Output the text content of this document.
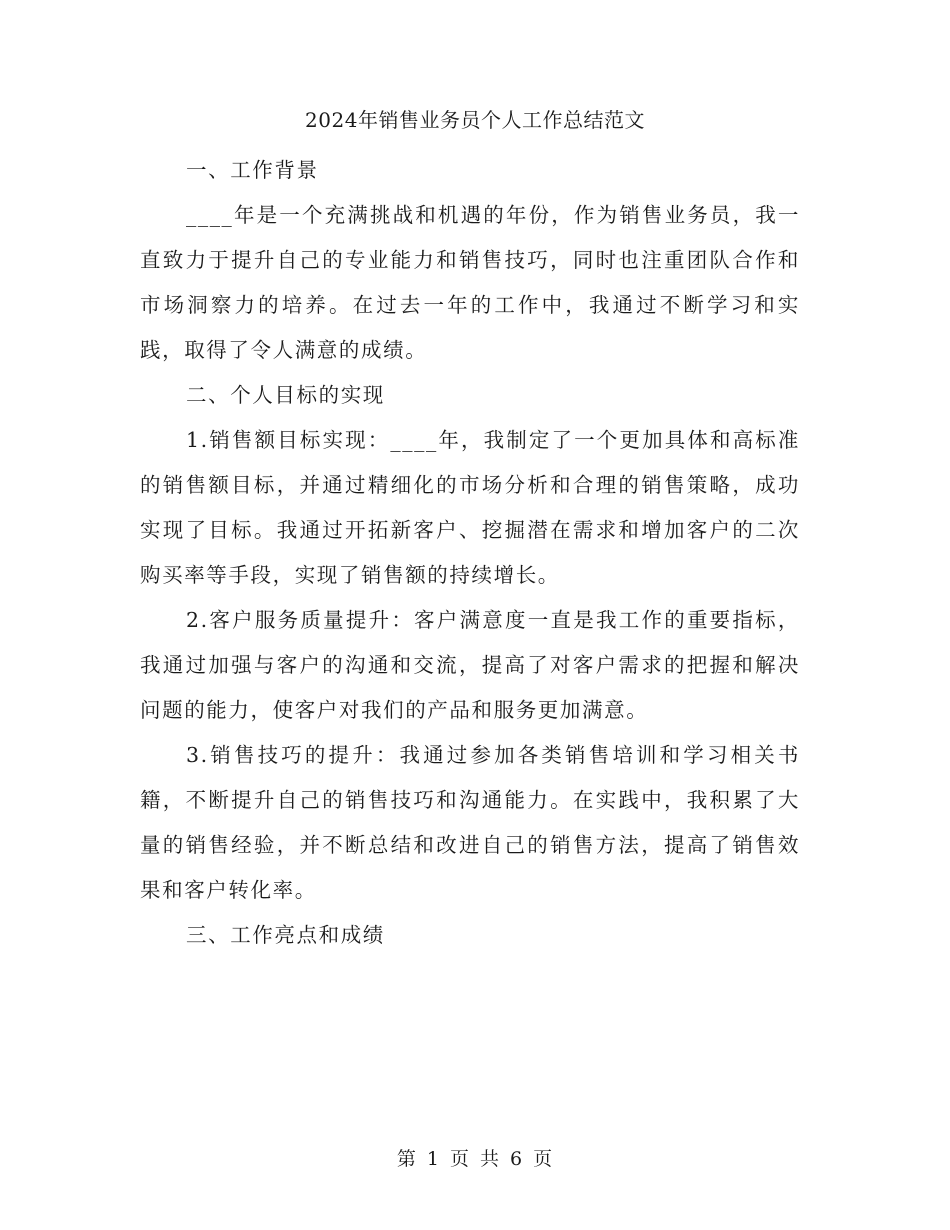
2024年销售业务员个人工作总结范文

一、工作背景

____年是一个充满挑战和机遇的年份，作为销售业务员，我一直致力于提升自己的专业能力和销售技巧，同时也注重团队合作和市场洞察力的培养。在过去一年的工作中，我通过不断学习和实践，取得了令人满意的成绩。

二、个人目标的实现

1.销售额目标实现：____年，我制定了一个更加具体和高标准的销售额目标，并通过精细化的市场分析和合理的销售策略，成功实现了目标。我通过开拓新客户、挖掘潜在需求和增加客户的二次购买率等手段，实现了销售额的持续增长。

2.客户服务质量提升：客户满意度一直是我工作的重要指标，我通过加强与客户的沟通和交流，提高了对客户需求的把握和解决问题的能力，使客户对我们的产品和服务更加满意。

3.销售技巧的提升：我通过参加各类销售培训和学习相关书籍，不断提升自己的销售技巧和沟通能力。在实践中，我积累了大量的销售经验，并不断总结和改进自己的销售方法，提高了销售效果和客户转化率。

三、工作亮点和成绩

第 1 页 共 6 页
